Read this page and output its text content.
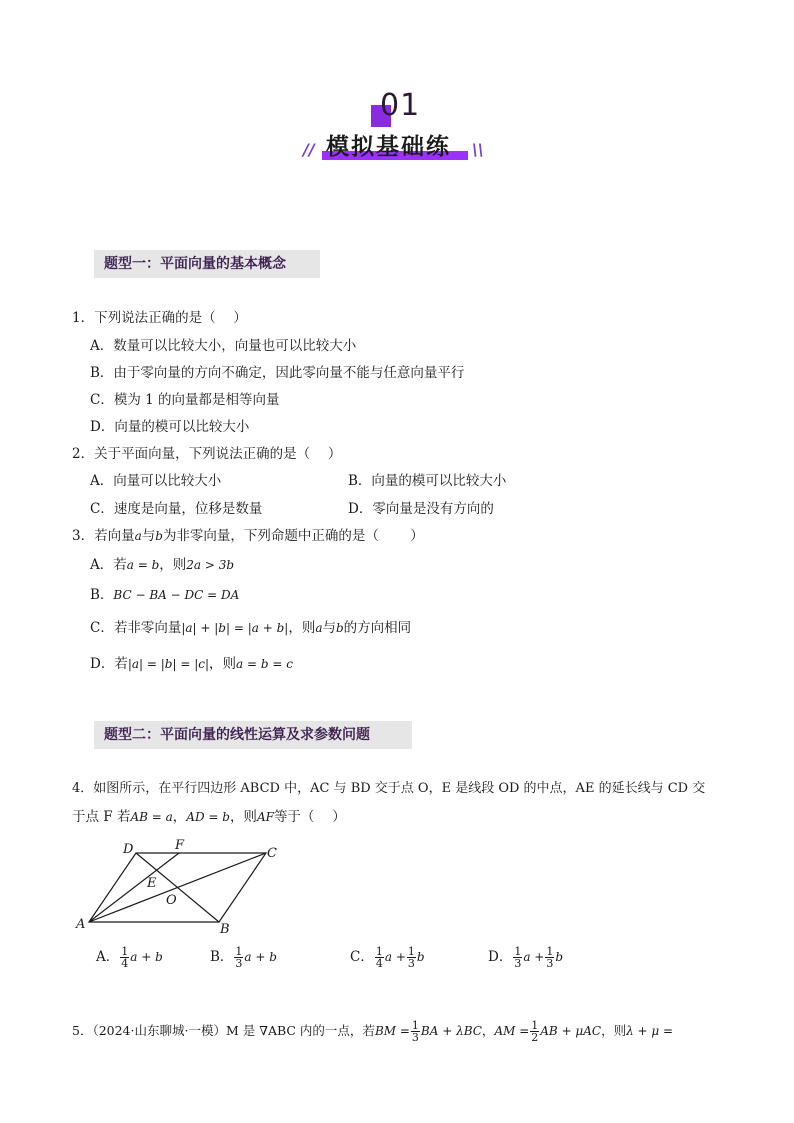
01
模拟基础练
//	\\
题型一：平面向量的基本概念
1．下列说法正确的是（　 ）
A．数量可以比较大小，向量也可以比较大小
B．由于零向量的方向不确定，因此零向量不能与任意向量平行
C．模为 1 的向量都是相等向量
D．向量的模可以比较大小
2．关于平面向量，下列说法正确的是（　 ）
A．向量可以比较大小	B．向量的模可以比较大小
C．速度是向量，位移是数量	D．零向量是没有方向的
3．若向量a与b为非零向量，下列命题中正确的是（　　 ）
A．若a = b，则2a > 3b
B．BC − BA − DC = DA
C．若非零向量|a| + |b| = |a + b|，则a与b的方向相同
D．若|a| = |b| = |c|，则a = b = c
题型二：平面向量的线性运算及求参数问题
4．如图所示，在平行四边形 ABCD 中，AC 与 BD 交于点 O，E 是线段 OD 的中点，AE 的延长线与 CD 交
于点 F 若AB = a，AD = b，则AF等于（　 ）
A	B
C
D
E
F
O
A． $\frac{1}{4}$ a + b	B． $\frac{1}{3}$ a + b	C． $\frac{1}{4}$ $a + \frac{1}{3}$ b	D． $\frac{1}{3}$ $a + \frac{1}{3}$ b
5．（2024·山东聊城·一模）M 是 ∇ABC 内的一点，若BM = $\frac{1}{3}$ BA + λBC，AM = $\frac{1}{2}$ AB + μAC，则λ + μ =
